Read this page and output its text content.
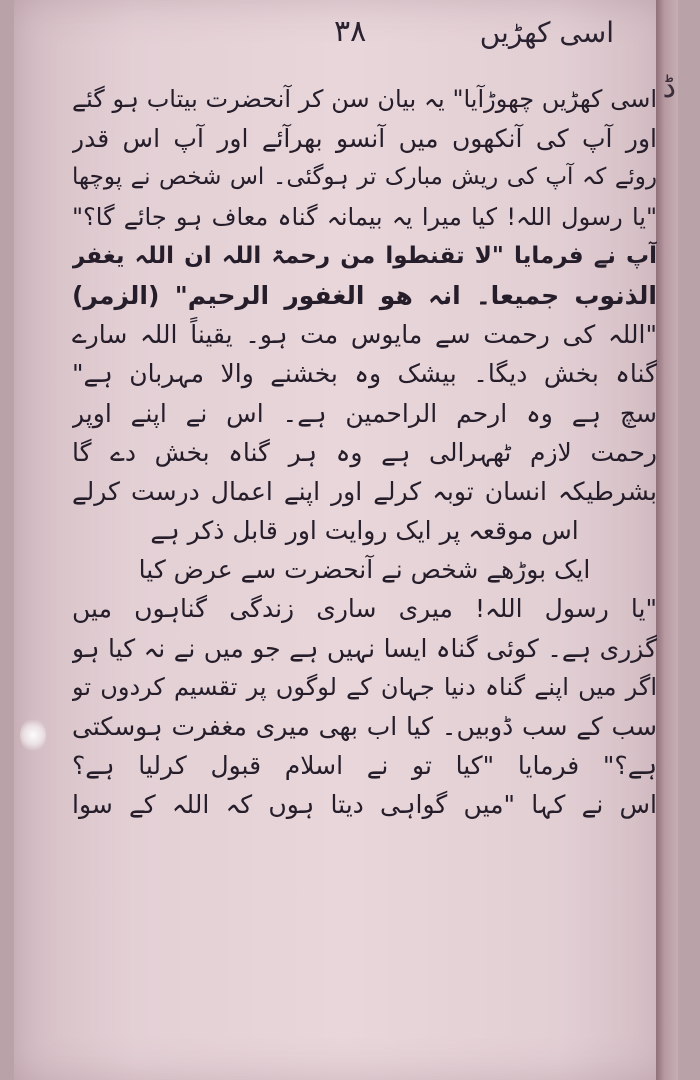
ڈ
۳۸	اسی کھڑیں
اسی کھڑیں چھوڑآیا" یہ بیان سن کر آنحضرت بیتاب ہو گئے
اور آپ کی آنکھوں میں آنسو بھرآئے اور آپ اس قدر
روئے کہ آپ کی ریش مبارک تر ہوگئی۔ اس شخص نے پوچھا
"یا رسول اللہ! کیا میرا یہ بیمانہ گناہ معاف ہو جائے گا؟"
آپ نے فرمایا "لا تقنطوا من رحمۃ اللہ ان اللہ یغفر
الذنوب جمیعا۔ انہ ھو الغفور الرحیم" (الزمر)
"اللہ کی رحمت سے مایوس مت ہو۔ یقیناً اللہ سارے
گناہ بخش دیگا۔ بیشک وہ بخشنے والا مہربان ہے"
سچ ہے وہ ارحم الراحمین ہے۔ اس نے اپنے اوپر
رحمت لازم ٹھہرالی ہے وہ ہر گناہ بخش دے گا
بشرطیکہ انسان توبہ کرلے اور اپنے اعمال درست کرلے
اس موقعہ پر ایک روایت اور قابل ذکر ہے
ایک بوڑھے شخص نے آنحضرت سے عرض کیا
"یا رسول اللہ! میری ساری زندگی گناہوں میں
گزری ہے۔ کوئی گناہ ایسا نہیں ہے جو میں نے نہ کیا ہو
اگر میں اپنے گناہ دنیا جہان کے لوگوں پر تقسیم کردوں تو
سب کے سب ڈوبیں۔ کیا اب بھی میری مغفرت ہوسکتی
ہے؟" فرمایا "کیا تو نے اسلام قبول کرلیا ہے؟
اس نے کہا "میں گواہی دیتا ہوں کہ اللہ کے سوا
